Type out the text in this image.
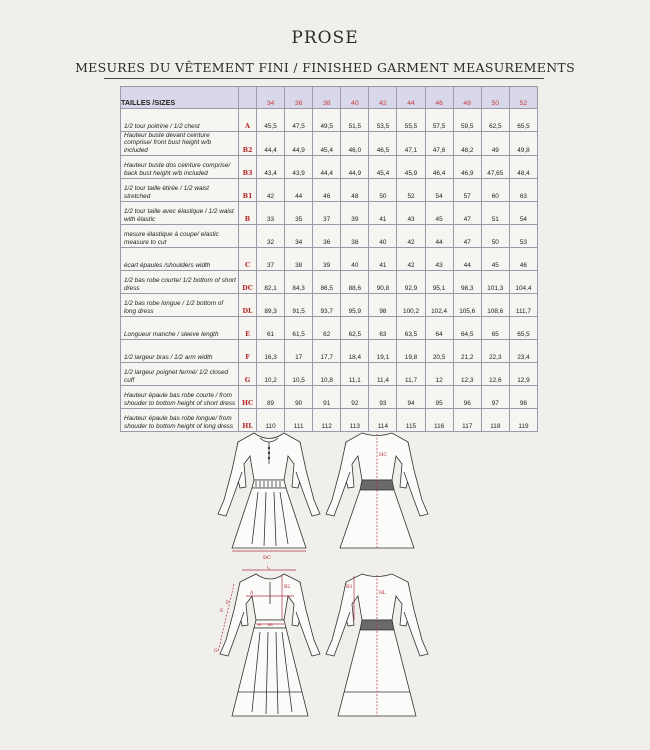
PROSE
MESURES DU VÊTEMENT FINI / FINISHED GARMENT MEASUREMENTS
TAILLES /SIZES		34	36	38	40	42	44	46	48	50	52
1/2 tour poitrine / 1/2 chest	A	45,5	47,5	49,5	51,5	53,5	55,5	57,5	59,5	62,5	65,5
Hauteur buste devant ceinture comprise/ front bust height w/b included	B2	44,4	44,9	45,4	46,0	46,5	47,1	47,6	48,2	49	49,8
Hauteur buste dos ceinture comprise/ back bust height w/b included	B3	43,4	43,9	44,4	44,9	45,4	45,9	46,4	46,9	47,65	48,4
1/2 tour taille étirée / 1/2 waist stretched	B1	42	44	46	48	50	52	54	57	60	63
1/2 tour taille avec élastique / 1/2 waist with élastic	B	33	35	37	39	41	43	45	47	51	54
mesure élastique à coupe/ elastic measure to cut		32	34	36	38	40	42	44	47	50	53
écart épaules /shoulders width	C	37	38	39	40	41	42	43	44	45	46
1/2 bas robe courte/ 1/2 bottom of short dress	DC	82,1	84,3	86,5	88,6	90,8	92,9	95,1	98,3	101,3	104,4
1/2 bas robe longue / 1/2 bottom of long dress	DL	89,3	91,5	93,7	95,9	98	100,2	102,4	105,6	108,6	111,7
Longueur manche / sleeve length	E	61	61,5	62	62,5	63	63,5	64	64,5	65	65,5
1/2 largeur bras / 1/2 arm width	F	16,3	17	17,7	18,4	19,1	19,8	20,5	21,2	22,3	23,4
1/2 largeur poignet fermé/ 1/2 closed cuff	G	10,2	10,5	10,8	11,1	11,4	11,7	12	12,3	12,6	12,9
Hauteur épaule bas robe courte / from shouder to bottom height of short dress	HC	89	90	91	92	93	94	95	96	97	98
Hauteur épaule bas robe longue/ from shouder to bottom height of long dress	HL	110	111	112	113	114	115	116	117	118	119
DC
HC
C
A
B2
E
F
G
B B1
B3
HL
